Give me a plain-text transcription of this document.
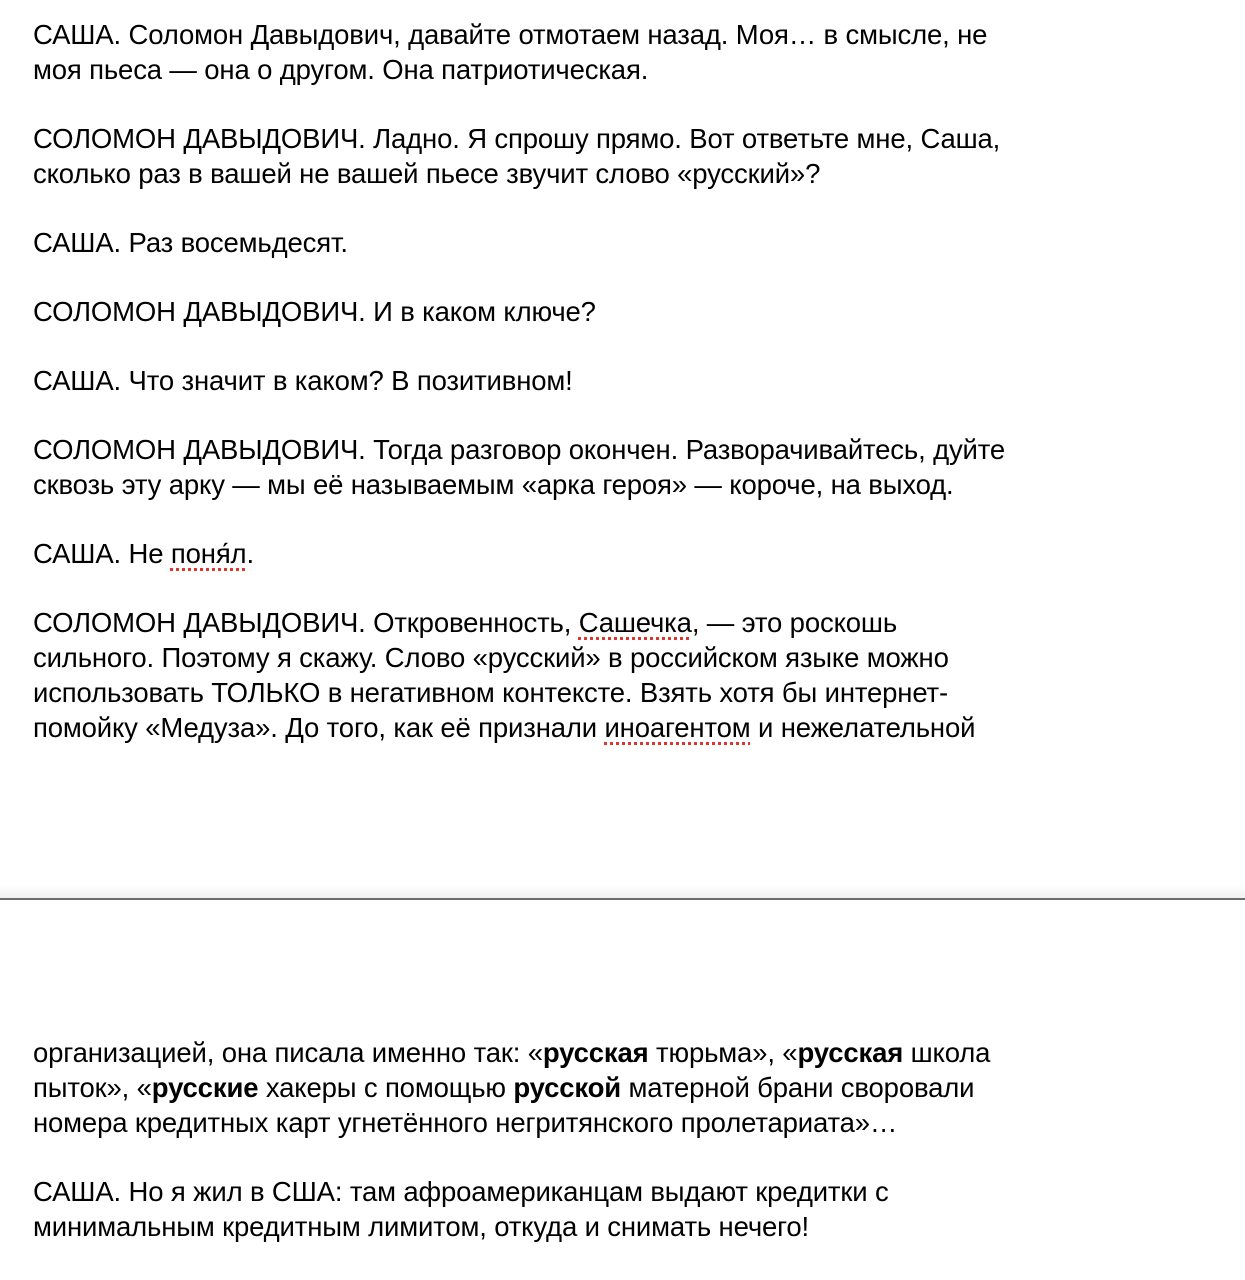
САША. Соломон Давыдович, давайте отмотаем назад. Моя… в смысле, не
моя пьеса — она о другом. Она патриотическая.

СОЛОМОН ДАВЫДОВИЧ. Ладно. Я спрошу прямо. Вот ответьте мне, Саша,
сколько раз в вашей не вашей пьесе звучит слово «русский»?

САША. Раз восемьдесят.

СОЛОМОН ДАВЫДОВИЧ. И в каком ключе?

САША. Что значит в каком? В позитивном!

СОЛОМОН ДАВЫДОВИЧ. Тогда разговор окончен. Разворачивайтесь, дуйте
сквозь эту арку — мы её называемым «арка героя» — короче, на выход.

САША. Не поня́л.

СОЛОМОН ДАВЫДОВИЧ. Откровенность, Сашечка, — это роскошь
сильного. Поэтому я скажу. Слово «русский» в российском языке можно
использовать ТОЛЬКО в негативном контексте. Взять хотя бы интернет-
помойку «Медуза». До того, как её признали иноагентом и нежелательной

организацией, она писала именно так: «русская тюрьма», «русская школа
пыток», «русские хакеры с помощью русской матерной брани своровали
номера кредитных карт угнетённого негритянского пролетариата»…

САША. Но я жил в США: там афроамериканцам выдают кредитки с
минимальным кредитным лимитом, откуда и снимать нечего!
